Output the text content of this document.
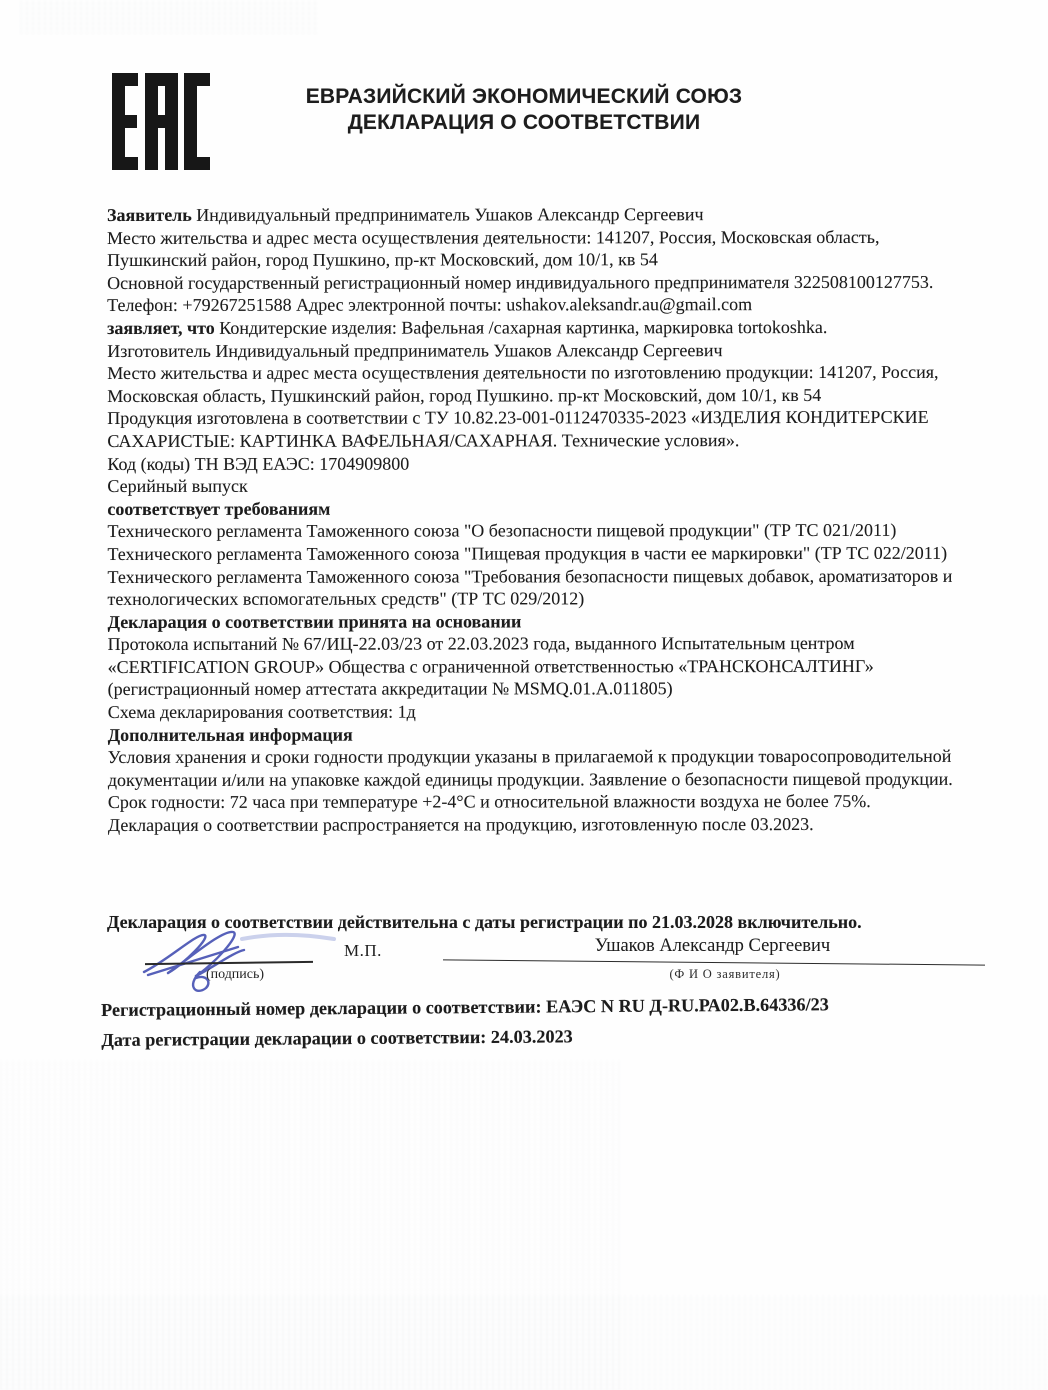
ЕВРАЗИЙСКИЙ ЭКОНОМИЧЕСКИЙ СОЮЗ
ДЕКЛАРАЦИЯ О СООТВЕТСТВИИ

Заявитель Индивидуальный предприниматель Ушаков Александр Сергеевич

Место жительства и адрес места осуществления деятельности: 141207, Россия, Московская область, Пушкинский район, город Пушкино, пр-кт Московский, дом 10/1, кв 54

Основной государственный регистрационный номер индивидуального предпринимателя 322508100127753.

Телефон: +79267251588 Адрес электронной почты: ushakov.aleksandr.au@gmail.com

заявляет, что Кондитерские изделия: Вафельная /сахарная картинка, маркировка tortokoshka.

Изготовитель Индивидуальный предприниматель Ушаков Александр Сергеевич

Место жительства и адрес места осуществления деятельности по изготовлению продукции: 141207, Россия, Московская область, Пушкинский район, город Пушкино. пр-кт Московский, дом 10/1, кв 54

Продукция изготовлена в соответствии с ТУ 10.82.23-001-0112470335-2023 «ИЗДЕЛИЯ КОНДИТЕРСКИЕ САХАРИСТЫЕ: КАРТИНКА ВАФЕЛЬНАЯ/САХАРНАЯ. Технические условия».

Код (коды) ТН ВЭД ЕАЭС: 1704909800

Серийный выпуск

соответствует требованиям

Технического регламента Таможенного союза "О безопасности пищевой продукции" (ТР ТС 021/2011)

Технического регламента Таможенного союза "Пищевая продукция в части ее маркировки" (ТР ТС 022/2011)

Технического регламента Таможенного союза "Требования безопасности пищевых добавок, ароматизаторов и технологических вспомогательных средств" (ТР ТС 029/2012)

Декларация о соответствии принята на основании

Протокола испытаний № 67/ИЦ-22.03/23 от 22.03.2023 года, выданного Испытательным центром «CERTIFICATION GROUP» Общества с ограниченной ответственностью «ТРАНСКОНСАЛТИНГ» (регистрационный номер аттестата аккредитации № MSMQ.01.A.011805)

Схема декларирования соответствия: 1д

Дополнительная информация

Условия хранения и сроки годности продукции указаны в прилагаемой к продукции товаросопроводительной документации и/или на упаковке каждой единицы продукции. Заявление о безопасности пищевой продукции. Срок годности: 72 часа при температуре +2-4°С и относительной влажности воздуха не более 75%. Декларация о соответствии распространяется на продукцию, изготовленную после 03.2023.

Декларация о соответствии действительна с даты регистрации по 21.03.2028 включительно.
(подпись)
М.П.	Ушаков Александр Сергеевич
(Ф И О заявителя)
Регистрационный номер декларации о соответствии: ЕАЭС N RU Д-RU.РА02.В.64336/23
Дата регистрации декларации о соответствии: 24.03.2023
